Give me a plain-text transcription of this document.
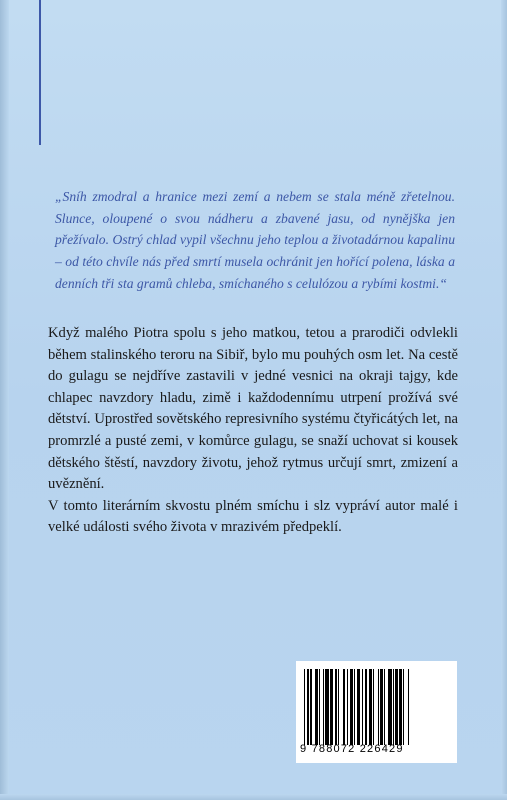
„Sníh zmodral a hranice mezi zemí a nebem se stala méně zřetelnou. Slunce, oloupené o svou nádheru a zbavené jasu, od nynějška jen přežívalo. Ostrý chlad vypil všechnu jeho teplou a životadárnou kapalinu – od této chvíle nás před smrtí musela ochránit jen hořící polena, láska a denních tři sta gramů chleba, smíchaného s celulózou a rybími kostmi.“

Když malého Piotra spolu s jeho matkou, tetou a prarodiči odvlekli během stalinského teroru na Sibiř, bylo mu pouhých osm let. Na cestě do gulagu se nejdříve zastavili v jedné vesnici na okraji tajgy, kde chlapec navzdory hladu, zimě i každodennímu utrpení prožívá své dětství. Uprostřed sovětského represivního systému čtyřicátých let, na promrzlé a pusté zemi, v komůrce gulagu, se snaží uchovat si kousek dětského štěstí, navzdory životu, jehož rytmus určují smrt, zmizení a uvěznění.

V tomto literárním skvostu plném smíchu i slz vypráví autor malé i velké události svého života v mrazivém předpeklí.

9 788072 226429
